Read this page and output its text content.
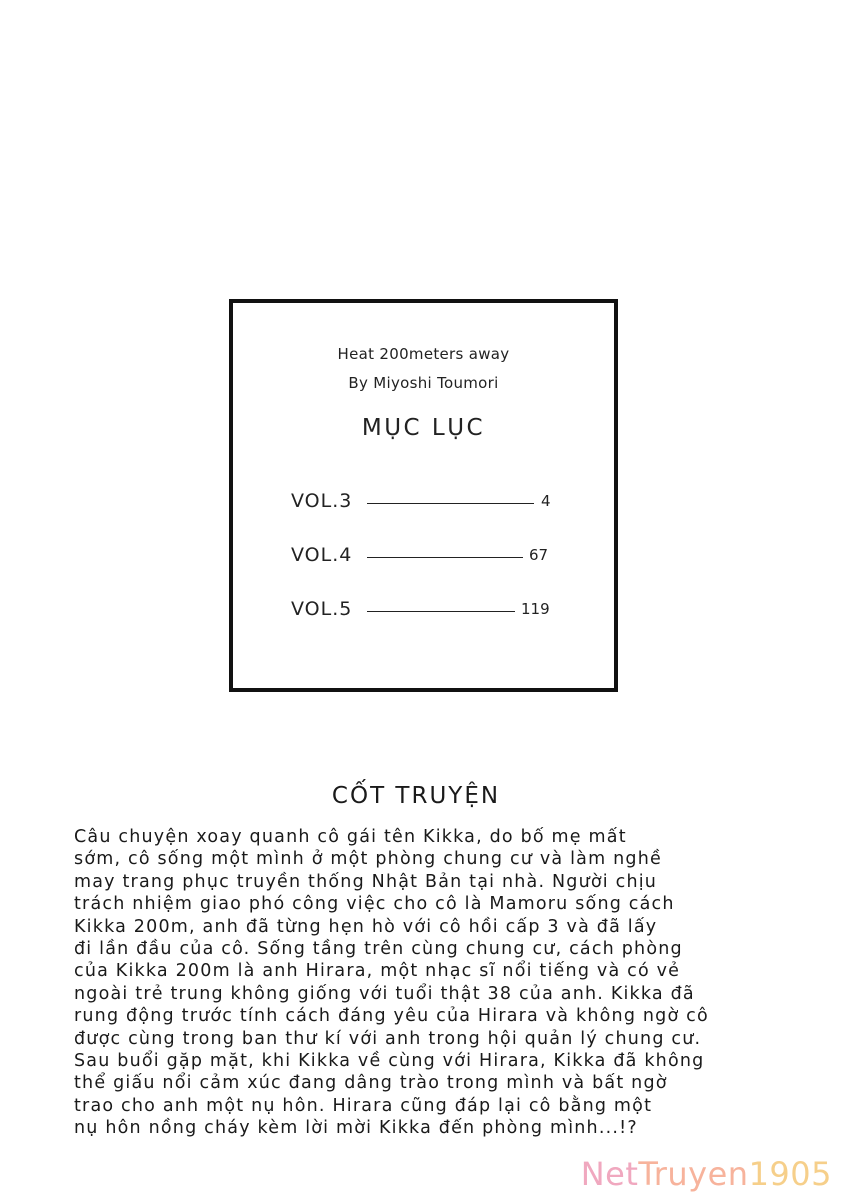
Heat 200meters away
By Miyoshi Toumori
MỤC LỤC
VOL.3	4
VOL.4	67
VOL.5	119
CỐT TRUYỆN
Câu chuyện xoay quanh cô gái tên Kikka, do bố mẹ mất
sớm, cô sống một mình ở một phòng chung cư và làm nghề
may trang phục truyền thống Nhật Bản tại nhà. Người chịu
trách nhiệm giao phó công việc cho cô là Mamoru sống cách
Kikka 200m, anh đã từng hẹn hò với cô hồi cấp 3 và đã lấy
đi lần đầu của cô. Sống tầng trên cùng chung cư, cách phòng
của Kikka 200m là anh Hirara, một nhạc sĩ nổi tiếng và có vẻ
ngoài trẻ trung không giống với tuổi thật 38 của anh. Kikka đã
rung động trước tính cách đáng yêu của Hirara và không ngờ cô
được cùng trong ban thư kí với anh trong hội quản lý chung cư.
Sau buổi gặp mặt, khi Kikka về cùng với Hirara, Kikka đã không
thể giấu nổi cảm xúc đang dâng trào trong mình và bất ngờ
trao cho anh một nụ hôn. Hirara cũng đáp lại cô bằng một
nụ hôn nồng cháy kèm lời mời Kikka đến phòng mình...!?
NetTruyen1905
